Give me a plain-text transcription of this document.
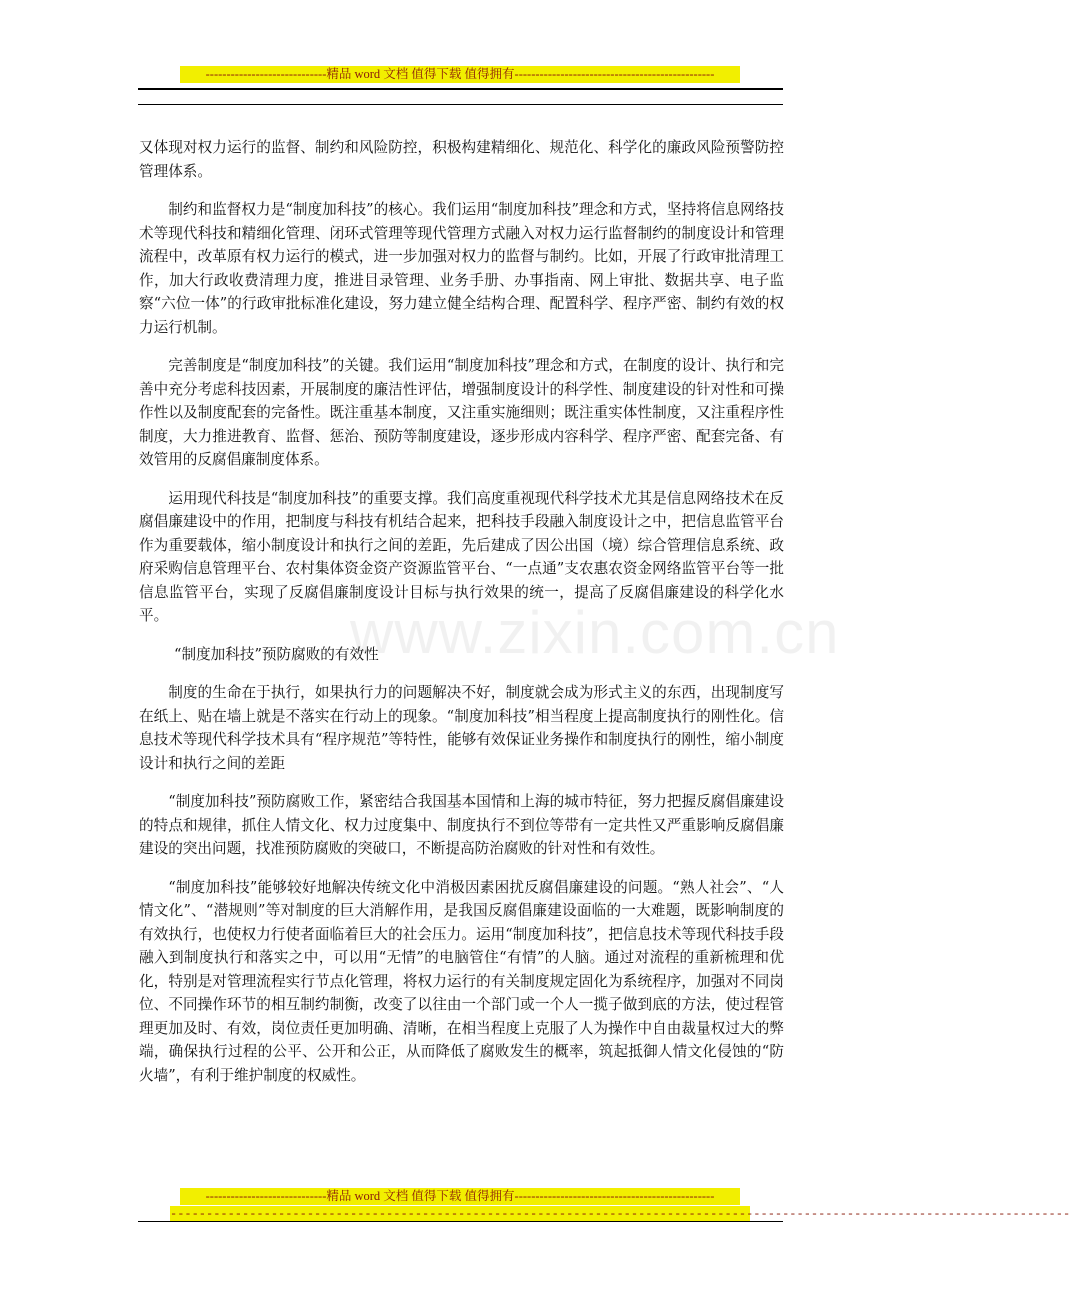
-----------------------------精品 word 文档 值得下载 值得拥有------------------------------------------------
www.zixin.com.cn

又体现对权力运行的监督、制约和风险防控，积极构建精细化、规范化、科学化的廉政风险预警防控管理体系。

制约和监督权力是“制度加科技”的核心。我们运用“制度加科技”理念和方式，坚持将信息网络技术等现代科技和精细化管理、闭环式管理等现代管理方式融入对权力运行监督制约的制度设计和管理流程中，改革原有权力运行的模式，进一步加强对权力的监督与制约。比如，开展了行政审批清理工作，加大行政收费清理力度，推进目录管理、业务手册、办事指南、网上审批、数据共享、电子监察“六位一体”的行政审批标准化建设，努力建立健全结构合理、配置科学、程序严密、制约有效的权力运行机制。

完善制度是“制度加科技”的关键。我们运用“制度加科技”理念和方式，在制度的设计、执行和完善中充分考虑科技因素，开展制度的廉洁性评估，增强制度设计的科学性、制度建设的针对性和可操作性以及制度配套的完备性。既注重基本制度，又注重实施细则；既注重实体性制度，又注重程序性制度，大力推进教育、监督、惩治、预防等制度建设，逐步形成内容科学、程序严密、配套完备、有效管用的反腐倡廉制度体系。

运用现代科技是“制度加科技”的重要支撑。我们高度重视现代科学技术尤其是信息网络技术在反腐倡廉建设中的作用，把制度与科技有机结合起来，把科技手段融入制度设计之中，把信息监管平台作为重要载体，缩小制度设计和执行之间的差距，先后建成了因公出国（境）综合管理信息系统、政府采购信息管理平台、农村集体资金资产资源监管平台、“一点通”支农惠农资金网络监管平台等一批信息监管平台，实现了反腐倡廉制度设计目标与执行效果的统一，提高了反腐倡廉建设的科学化水平。

“制度加科技”预防腐败的有效性

制度的生命在于执行，如果执行力的问题解决不好，制度就会成为形式主义的东西，出现制度写在纸上、贴在墙上就是不落实在行动上的现象。“制度加科技”相当程度上提高制度执行的刚性化。信息技术等现代科学技术具有“程序规范”等特性，能够有效保证业务操作和制度执行的刚性，缩小制度设计和执行之间的差距

“制度加科技”预防腐败工作，紧密结合我国基本国情和上海的城市特征，努力把握反腐倡廉建设的特点和规律，抓住人情文化、权力过度集中、制度执行不到位等带有一定共性又严重影响反腐倡廉建设的突出问题，找准预防腐败的突破口，不断提高防治腐败的针对性和有效性。

“制度加科技”能够较好地解决传统文化中消极因素困扰反腐倡廉建设的问题。“熟人社会”、“人情文化”、“潜规则”等对制度的巨大消解作用，是我国反腐倡廉建设面临的一大难题，既影响制度的有效执行，也使权力行使者面临着巨大的社会压力。运用“制度加科技”，把信息技术等现代科技手段融入到制度执行和落实之中，可以用“无情”的电脑管住“有情”的人脑。通过对流程的重新梳理和优化，特别是对管理流程实行节点化管理，将权力运行的有关制度规定固化为系统程序，加强对不同岗位、不同操作环节的相互制约制衡，改变了以往由一个部门或一个人一揽子做到底的方法，使过程管理更加及时、有效，岗位责任更加明确、清晰，在相当程度上克服了人为操作中自由裁量权过大的弊端，确保执行过程的公平、公开和公正，从而降低了腐败发生的概率，筑起抵御人情文化侵蚀的“防火墙”，有利于维护制度的权威性。

-----------------------------精品 word 文档 值得下载 值得拥有------------------------------------------------
-----------------------------------------------------------------------------------------------------------------------------
